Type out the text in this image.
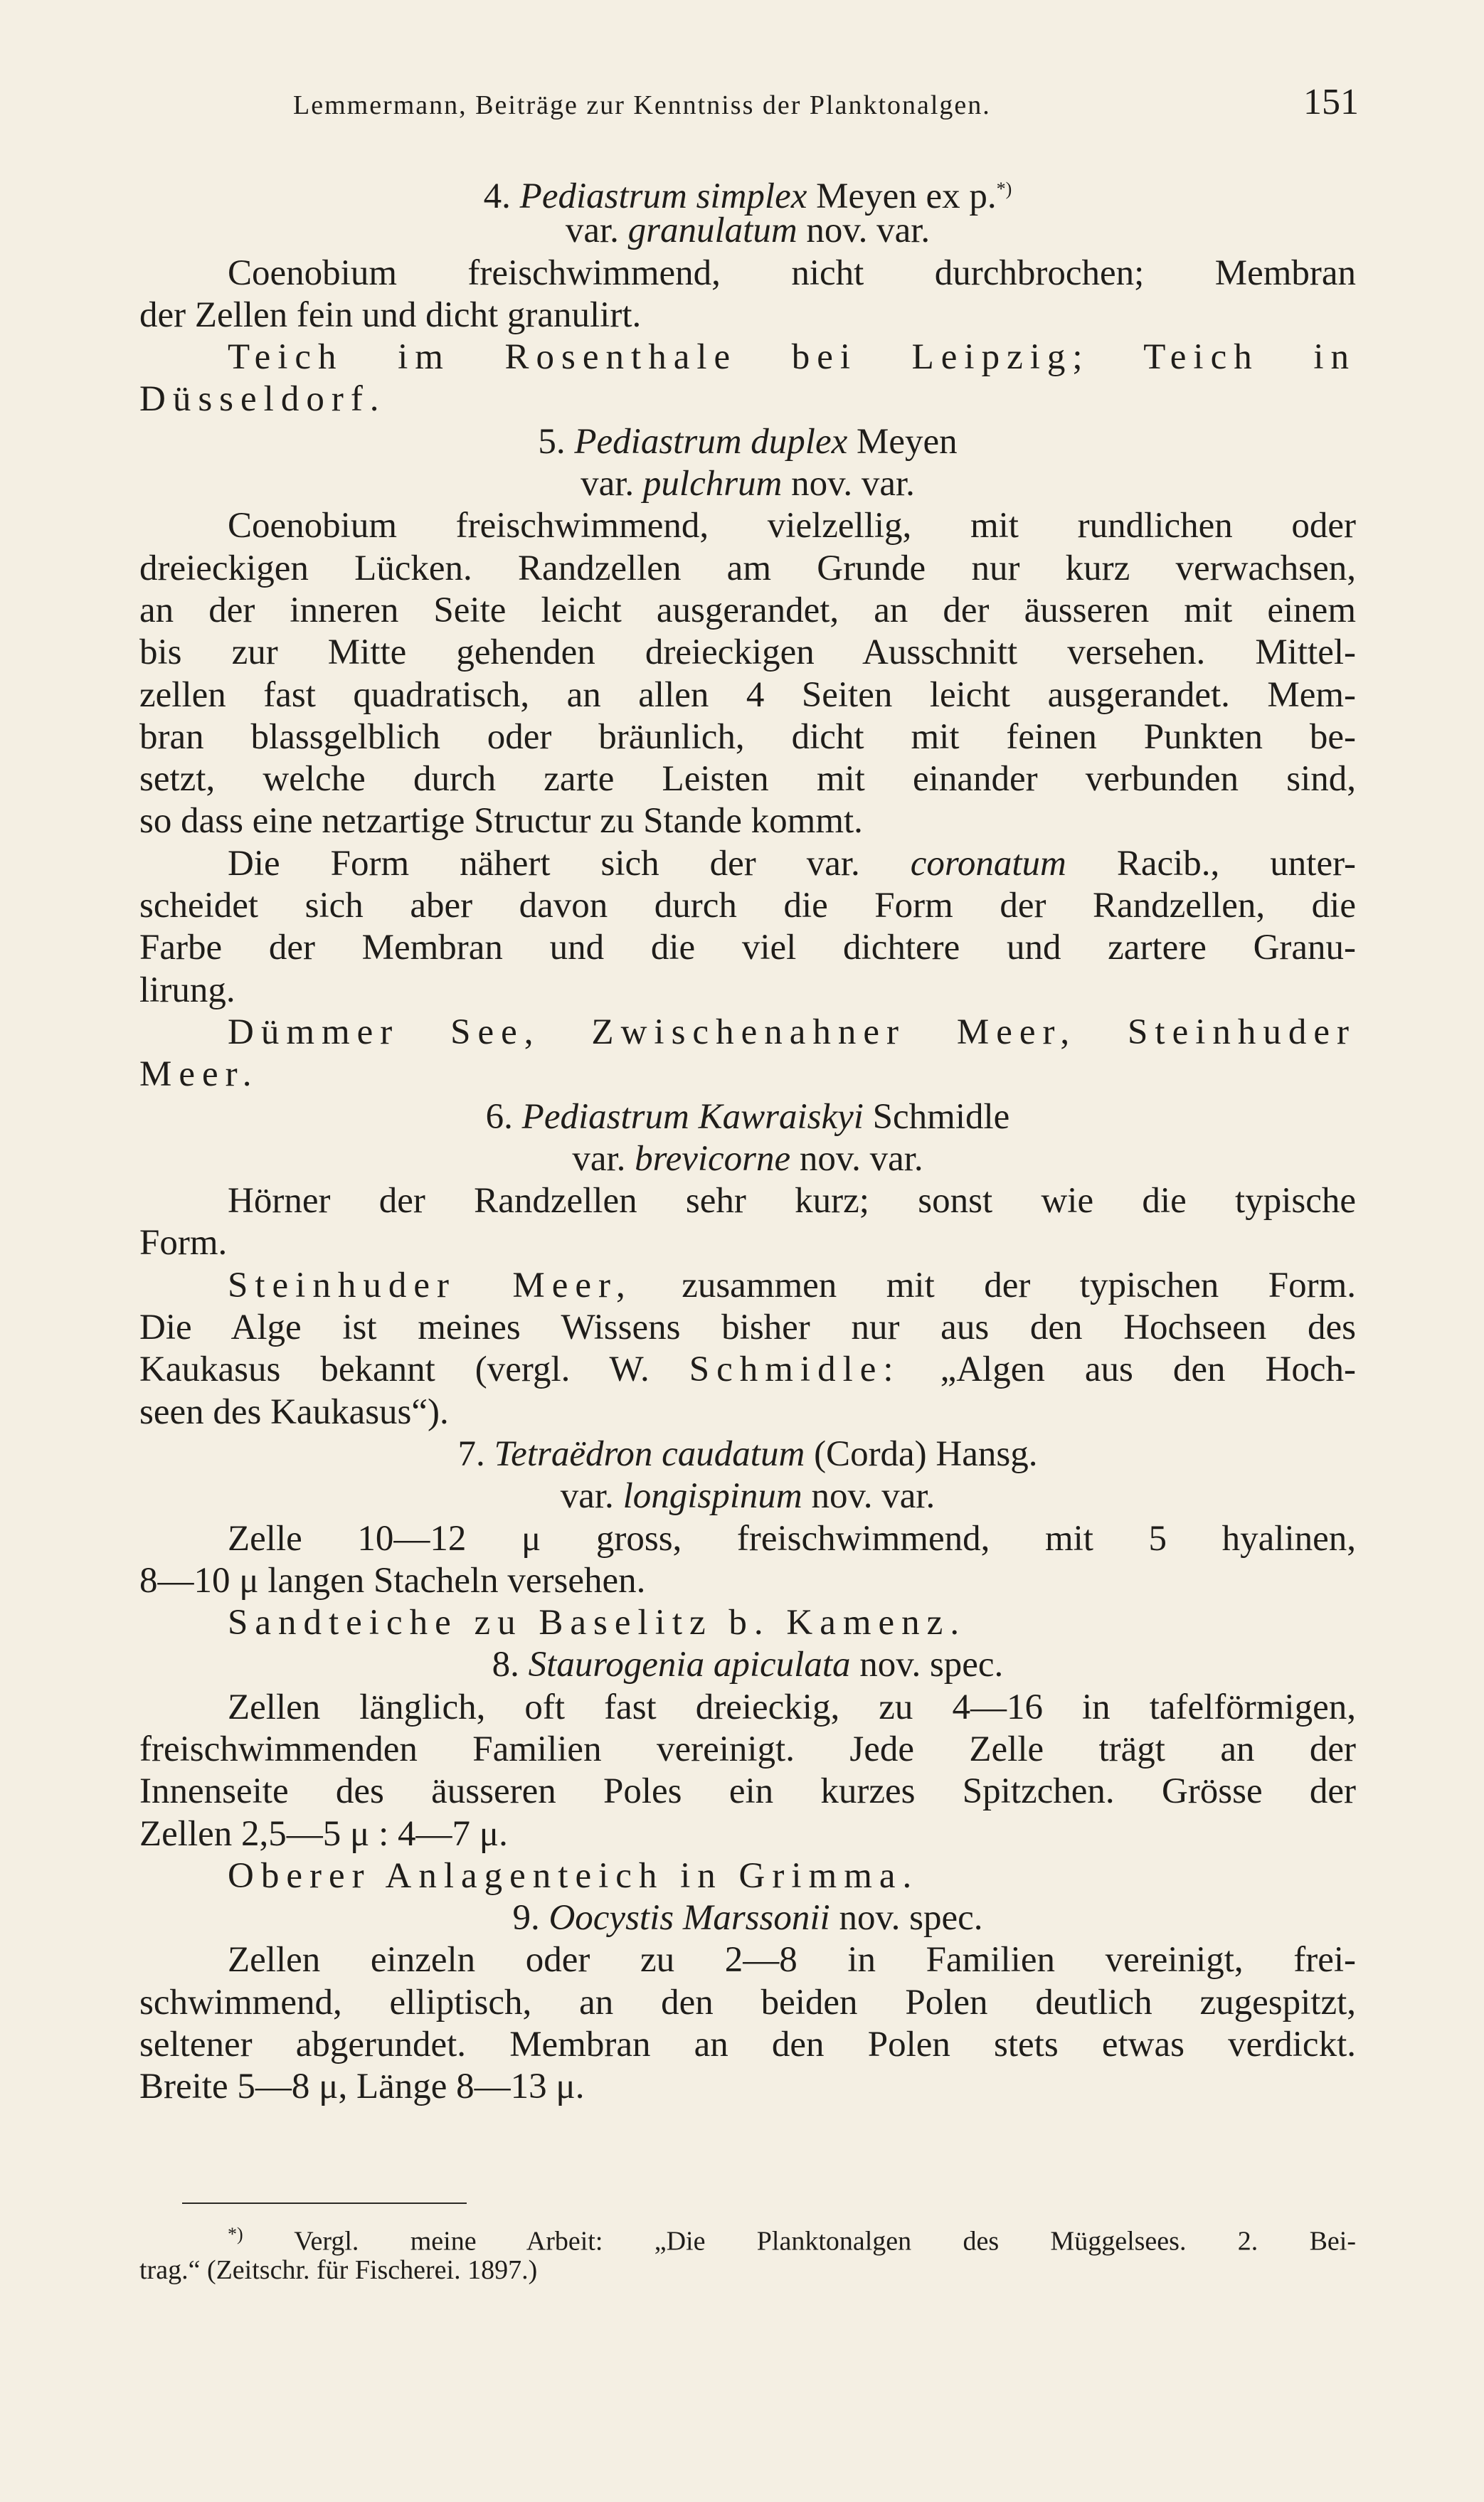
Lemmermann, Beiträge zur Kenntniss der Planktonalgen.	151
4. Pediastrum simplex Meyen ex p.*)
var. granulatum nov. var.
Coenobium freischwimmend, nicht durchbrochen; Membran
der Zellen fein und dicht granulirt.
Teich im Rosenthale bei Leipzig; Teich in
Düsseldorf.
5. Pediastrum duplex Meyen
var. pulchrum nov. var.
Coenobium freischwimmend, vielzellig, mit rundlichen oder
dreieckigen Lücken. Randzellen am Grunde nur kurz verwachsen,
an der inneren Seite leicht ausgerandet, an der äusseren mit einem
bis zur Mitte gehenden dreieckigen Ausschnitt versehen. Mittel-
zellen fast quadratisch, an allen 4 Seiten leicht ausgerandet. Mem-
bran blassgelblich oder bräunlich, dicht mit feinen Punkten be-
setzt, welche durch zarte Leisten mit einander verbunden sind,
so dass eine netzartige Structur zu Stande kommt.
Die Form nähert sich der var. coronatum Racib., unter-
scheidet sich aber davon durch die Form der Randzellen, die
Farbe der Membran und die viel dichtere und zartere Granu-
lirung.
Dümmer See, Zwischenahner Meer, Steinhuder
Meer.
6. Pediastrum Kawraiskyi Schmidle
var. brevicorne nov. var.
Hörner der Randzellen sehr kurz; sonst wie die typische
Form.
Steinhuder Meer, zusammen mit der typischen Form.
Die Alge ist meines Wissens bisher nur aus den Hochseen des
Kaukasus bekannt (vergl. W. Schmidle: „Algen aus den Hoch-
seen des Kaukasus“).
7. Tetraëdron caudatum (Corda) Hansg.
var. longispinum nov. var.
Zelle 10—12 μ gross, freischwimmend, mit 5 hyalinen,
8—10 μ langen Stacheln versehen.
Sandteiche zu Baselitz b. Kamenz.
8. Staurogenia apiculata nov. spec.
Zellen länglich, oft fast dreieckig, zu 4—16 in tafelförmigen,
freischwimmenden Familien vereinigt. Jede Zelle trägt an der
Innenseite des äusseren Poles ein kurzes Spitzchen. Grösse der
Zellen 2,5—5 μ : 4—7 μ.
Oberer Anlagenteich in Grimma.
9. Oocystis Marssonii nov. spec.
Zellen einzeln oder zu 2—8 in Familien vereinigt, frei-
schwimmend, elliptisch, an den beiden Polen deutlich zugespitzt,
seltener abgerundet. Membran an den Polen stets etwas verdickt.
Breite 5—8 μ, Länge 8—13 μ.
*) Vergl. meine Arbeit: „Die Planktonalgen des Müggelsees. 2. Bei-
trag.“ (Zeitschr. für Fischerei. 1897.)
